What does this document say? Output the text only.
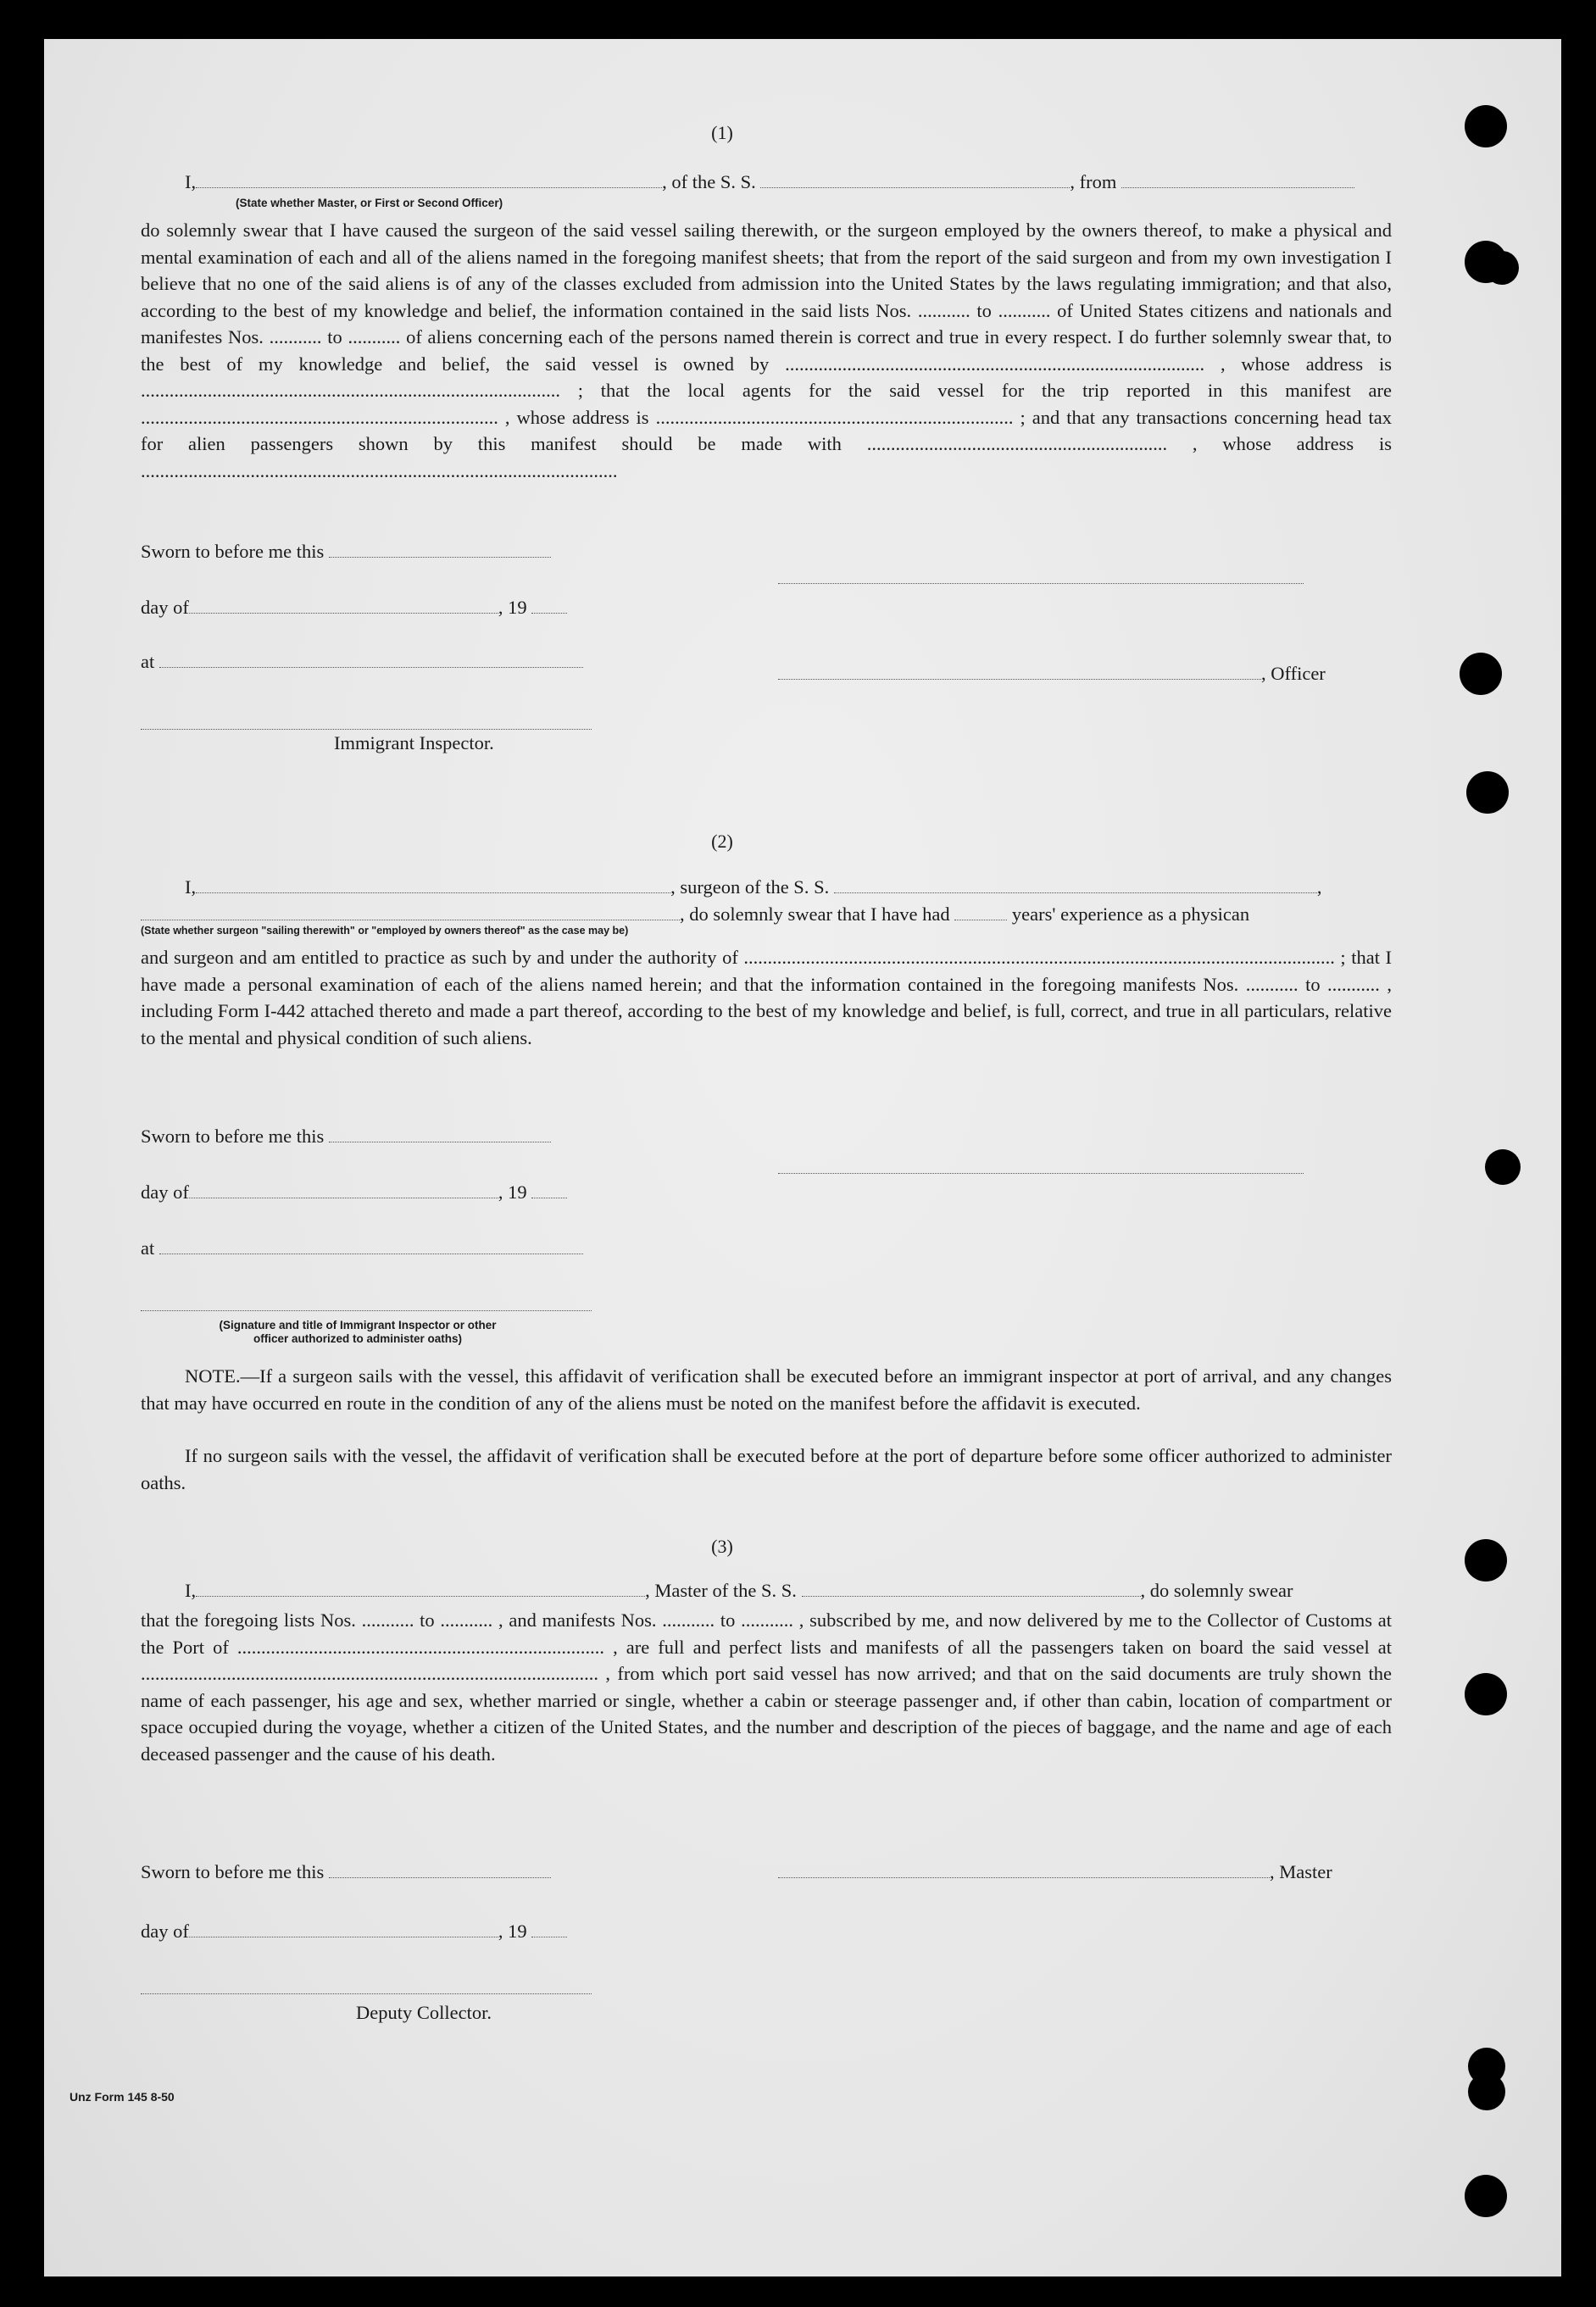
(1)
I,	, of the S. S.	, from
(State whether Master, or First or Second Officer)
do solemnly swear that I have caused the surgeon of the said vessel sailing therewith, or the surgeon employed by the owners thereof, to make a physical and mental examination of each and all of the aliens named in the foregoing manifest sheets; that from the report of the said surgeon and from my own investigation I believe that no one of the said aliens is of any of the classes excluded from admission into the United States by the laws regulating immigration; and that also, according to the best of my knowledge and belief, the information contained in the said lists Nos. ........... to ........... of United States citizens and nationals and manifestes Nos. ........... to ........... of aliens concerning each of the persons named therein is correct and true in every respect. I do further solemnly swear that, to the best of my knowledge and belief, the said vessel is owned by ........................................................................................ , whose address is ........................................................................................ ; that the local agents for the said vessel for the trip reported in this manifest are ........................................................................... , whose address is ........................................................................... ; and that any transactions concerning head tax for alien passengers shown by this manifest should be made with ............................................................... , whose address is ....................................................................................................
Sworn to before me this
day of	, 19
at
, Officer
Immigrant Inspector.
(2)
I,	, surgeon of the S. S.	,
, do solemnly swear that I have had	years' experience as a physican
(State whether surgeon "sailing therewith" or "employed by owners thereof" as the case may be)
and surgeon and am entitled to practice as such by and under the authority of ............................................................................................................................ ; that I have made a personal examination of each of the aliens named herein; and that the information contained in the foregoing manifests Nos. ........... to ........... , including Form I-442 attached thereto and made a part thereof, according to the best of my knowledge and belief, is full, correct, and true in all particulars, relative to the mental and physical condition of such aliens.
Sworn to before me this
day of	, 19
at
(Signature and title of Immigrant Inspector or other officer authorized to administer oaths)
NOTE.—If a surgeon sails with the vessel, this affidavit of verification shall be executed before an immigrant inspector at port of arrival, and any changes that may have occurred en route in the condition of any of the aliens must be noted on the manifest before the affidavit is executed.
If no surgeon sails with the vessel, the affidavit of verification shall be executed before at the port of departure before some officer authorized to administer oaths.
(3)
I,	, Master of the S. S.	, do solemnly swear
that the foregoing lists Nos. ........... to ........... , and manifests Nos. ........... to ........... , subscribed by me, and now delivered by me to the Collector of Customs at the Port of ............................................................................. , are full and perfect lists and manifests of all the passengers taken on board the said vessel at ................................................................................................ , from which port said vessel has now arrived; and that on the said documents are truly shown the name of each passenger, his age and sex, whether married or single, whether a cabin or steerage passenger and, if other than cabin, location of compartment or space occupied during the voyage, whether a citizen of the United States, and the number and description of the pieces of baggage, and the name and age of each deceased passenger and the cause of his death.
Sworn to before me this	, Master
day of	, 19
Deputy Collector.
Unz Form 145 8-50
